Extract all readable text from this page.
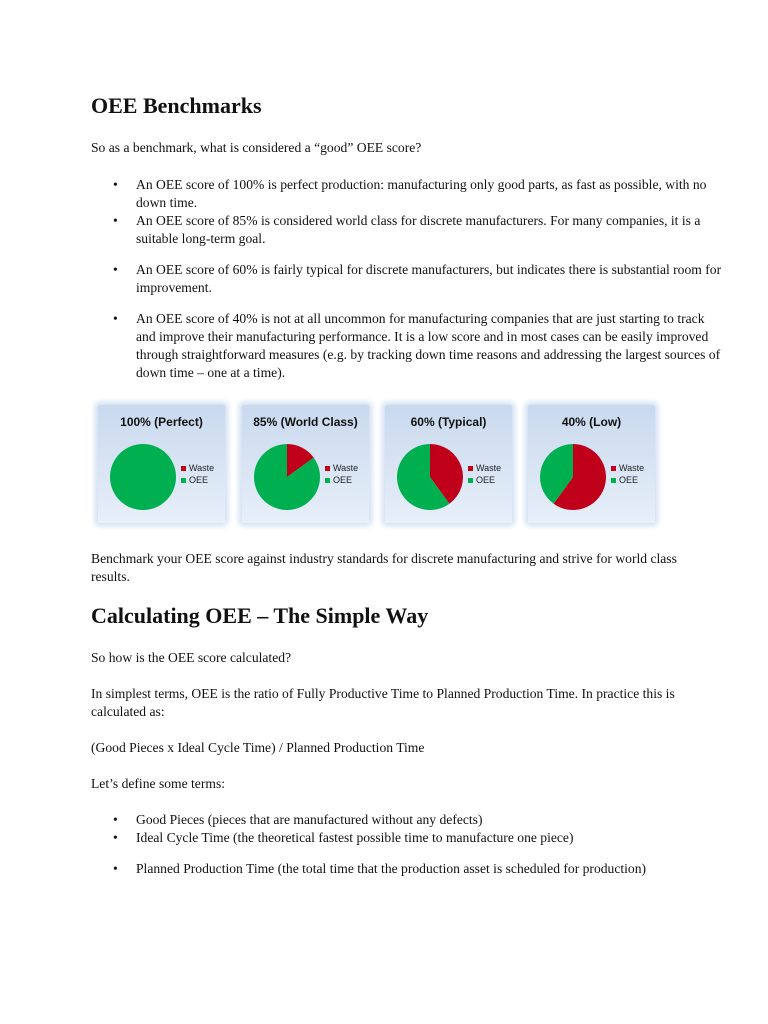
OEE Benchmarks

So as a benchmark, what is considered a “good” OEE score?

• An OEE score of 100% is perfect production: manufacturing only good parts, as fast as possible, with no down time.
• An OEE score of 85% is considered world class for discrete manufacturers. For many companies, it is a suitable long-term goal.
• An OEE score of 60% is fairly typical for discrete manufacturers, but indicates there is substantial room for improvement.
• An OEE score of 40% is not at all uncommon for manufacturing companies that are just starting to track and improve their manufacturing performance. It is a low score and in most cases can be easily improved through straightforward measures (e.g. by tracking down time reasons and addressing the largest sources of down time – one at a time).

Benchmark your OEE score against industry standards for discrete manufacturing and strive for world class results.

Calculating OEE – The Simple Way

So how is the OEE score calculated?

In simplest terms, OEE is the ratio of Fully Productive Time to Planned Production Time. In practice this is calculated as:

(Good Pieces x Ideal Cycle Time) / Planned Production Time

Let’s define some terms:

• Good Pieces (pieces that are manufactured without any defects)
• Ideal Cycle Time (the theoretical fastest possible time to manufacture one piece)
• Planned Production Time (the total time that the production asset is scheduled for production)
100% (Perfect)
Waste
OEE
85% (World Class)
Waste
OEE
60% (Typical)
Waste
OEE
40% (Low)
Waste
OEE
